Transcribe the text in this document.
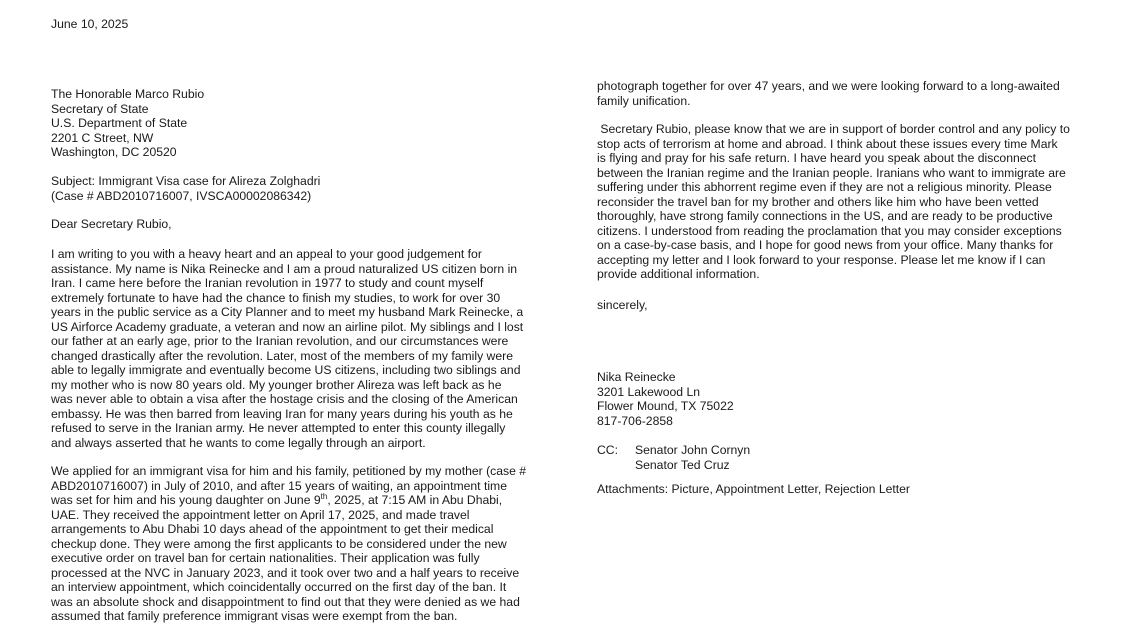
June 10, 2025
The Honorable Marco Rubio
Secretary of State
U.S. Department of State
2201 C Street, NW
Washington, DC 20520
Subject: Immigrant Visa case for Alireza Zolghadri
(Case # ABD2010716007, IVSCA00002086342)
Dear Secretary Rubio,
I am writing to you with a heavy heart and an appeal to your good judgement for
assistance. My name is Nika Reinecke and I am a proud naturalized US citizen born in
Iran. I came here before the Iranian revolution in 1977 to study and count myself
extremely fortunate to have had the chance to finish my studies, to work for over 30
years in the public service as a City Planner and to meet my husband Mark Reinecke, a
US Airforce Academy graduate, a veteran and now an airline pilot. My siblings and I lost
our father at an early age, prior to the Iranian revolution, and our circumstances were
changed drastically after the revolution. Later, most of the members of my family were
able to legally immigrate and eventually become US citizens, including two siblings and
my mother who is now 80 years old. My younger brother Alireza was left back as he
was never able to obtain a visa after the hostage crisis and the closing of the American
embassy. He was then barred from leaving Iran for many years during his youth as he
refused to serve in the Iranian army. He never attempted to enter this county illegally
and always asserted that he wants to come legally through an airport.
We applied for an immigrant visa for him and his family, petitioned by my mother (case #
ABD2010716007) in July of 2010, and after 15 years of waiting, an appointment time
was set for him and his young daughter on June 9th, 2025, at 7:15 AM in Abu Dhabi,
UAE. They received the appointment letter on April 17, 2025, and made travel
arrangements to Abu Dhabi 10 days ahead of the appointment to get their medical
checkup done. They were among the first applicants to be considered under the new
executive order on travel ban for certain nationalities. Their application was fully
processed at the NVC in January 2023, and it took over two and a half years to receive
an interview appointment, which coincidentally occurred on the first day of the ban. It
was an absolute shock and disappointment to find out that they were denied as we had
assumed that family preference immigrant visas were exempt from the ban.
photograph together for over 47 years, and we were looking forward to a long-awaited
family unification.
Secretary Rubio, please know that we are in support of border control and any policy to
stop acts of terrorism at home and abroad. I think about these issues every time Mark
is flying and pray for his safe return. I have heard you speak about the disconnect
between the Iranian regime and the Iranian people. Iranians who want to immigrate are
suffering under this abhorrent regime even if they are not a religious minority. Please
reconsider the travel ban for my brother and others like him who have been vetted
thoroughly, have strong family connections in the US, and are ready to be productive
citizens. I understood from reading the proclamation that you may consider exceptions
on a case-by-case basis, and I hope for good news from your office. Many thanks for
accepting my letter and I look forward to your response. Please let me know if I can
provide additional information.
sincerely,
Nika Reinecke
3201 Lakewood Ln
Flower Mound, TX 75022
817-706-2858
CC:	Senator John Cornyn
Senator Ted Cruz
Attachments: Picture, Appointment Letter, Rejection Letter
